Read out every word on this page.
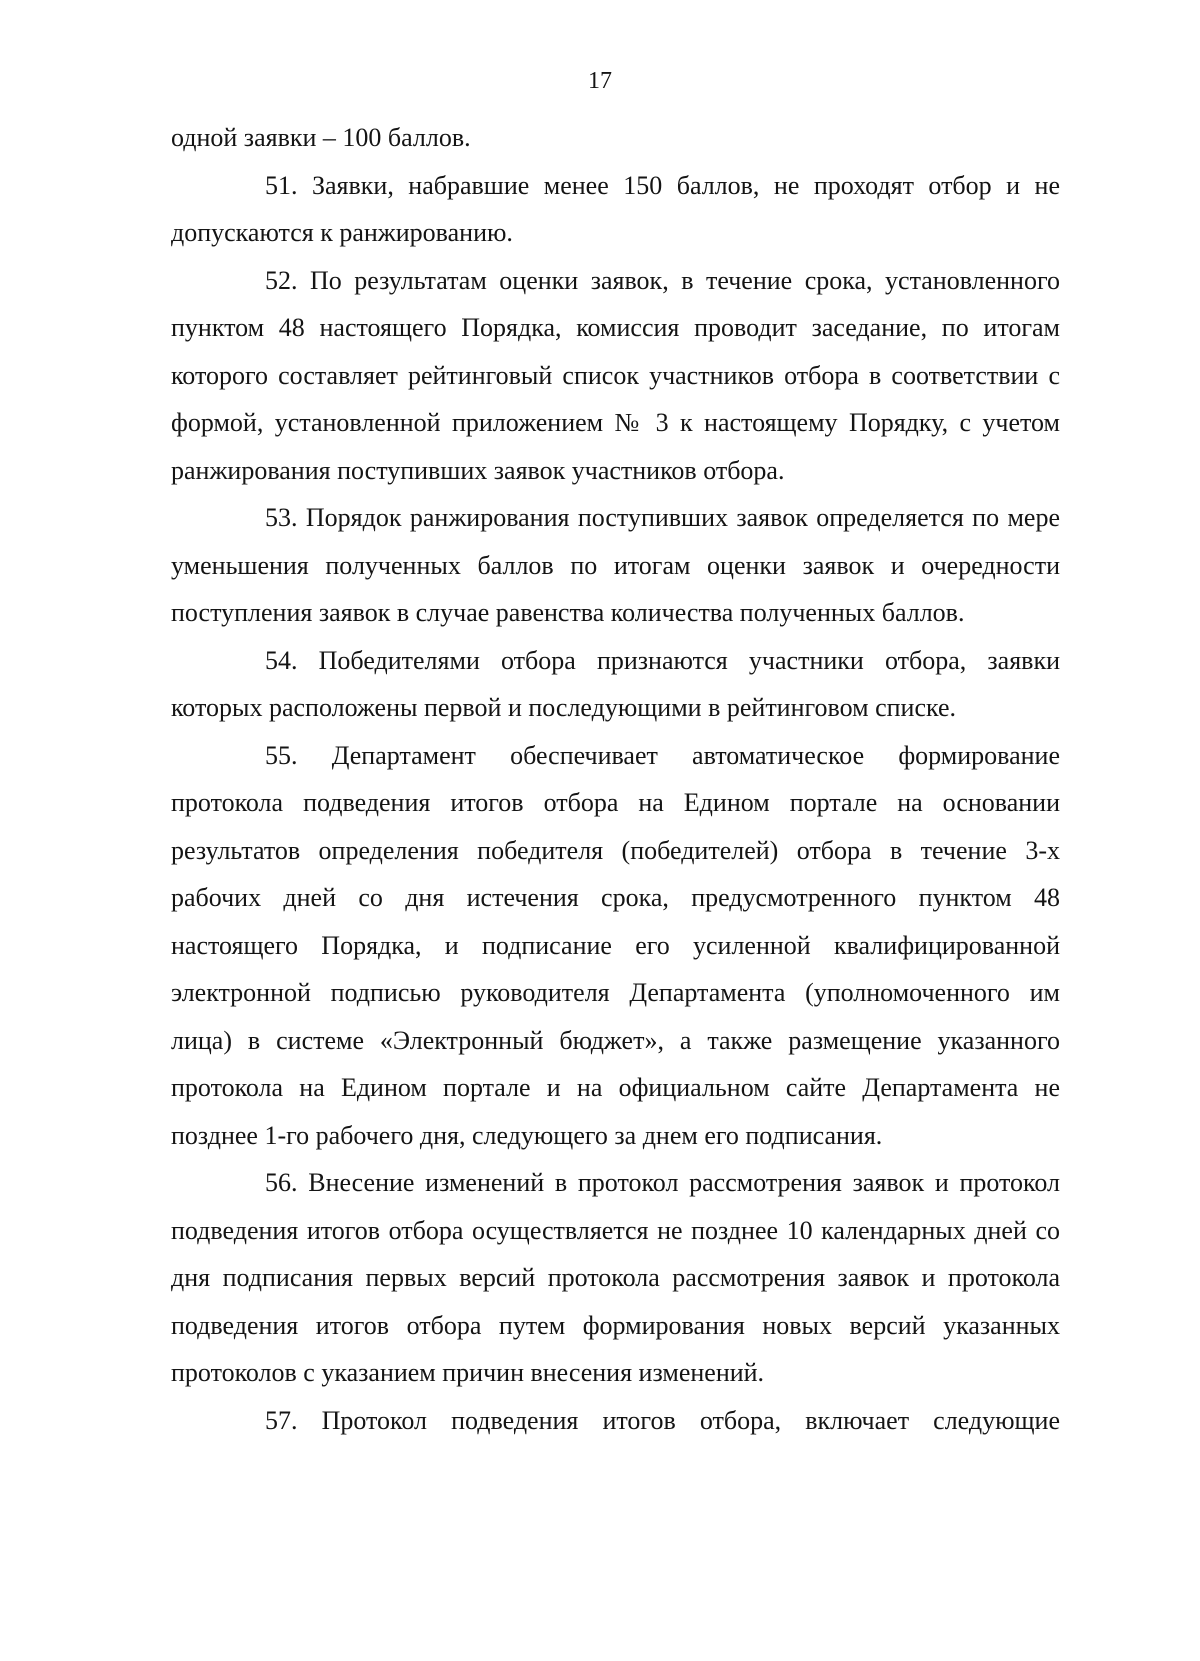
17

одной заявки – 100 баллов.

51. Заявки, набравшие менее 150 баллов, не проходят отбор и не допускаются к ранжированию.

52. По результатам оценки заявок, в течение срока, установленного пунктом 48 настоящего Порядка, комиссия проводит заседание, по итогам которого составляет рейтинговый список участников отбора в соответствии с формой, установленной приложением № 3 к настоящему Порядку, с учетом ранжирования поступивших заявок участников отбора.

53. Порядок ранжирования поступивших заявок определяется по мере уменьшения полученных баллов по итогам оценки заявок и очередности поступления заявок в случае равенства количества полученных баллов.

54. Победителями отбора признаются участники отбора, заявки которых расположены первой и последующими в рейтинговом списке.

55. Департамент обеспечивает автоматическое формирование протокола подведения итогов отбора на Едином портале на основании результатов определения победителя (победителей) отбора в течение 3-х рабочих дней со дня истечения срока, предусмотренного пунктом 48 настоящего Порядка, и подписание его усиленной квалифицированной электронной подписью руководителя Департамента (уполномоченного им лица) в системе «Электронный бюджет», а также размещение указанного протокола на Едином портале и на официальном сайте Департамента не позднее 1-го рабочего дня, следующего за днем его подписания.

56. Внесение изменений в протокол рассмотрения заявок и протокол подведения итогов отбора осуществляется не позднее 10 календарных дней со дня подписания первых версий протокола рассмотрения заявок и протокола подведения итогов отбора путем формирования новых версий указанных протоколов с указанием причин внесения изменений.

57. Протокол подведения итогов отбора, включает следующие
